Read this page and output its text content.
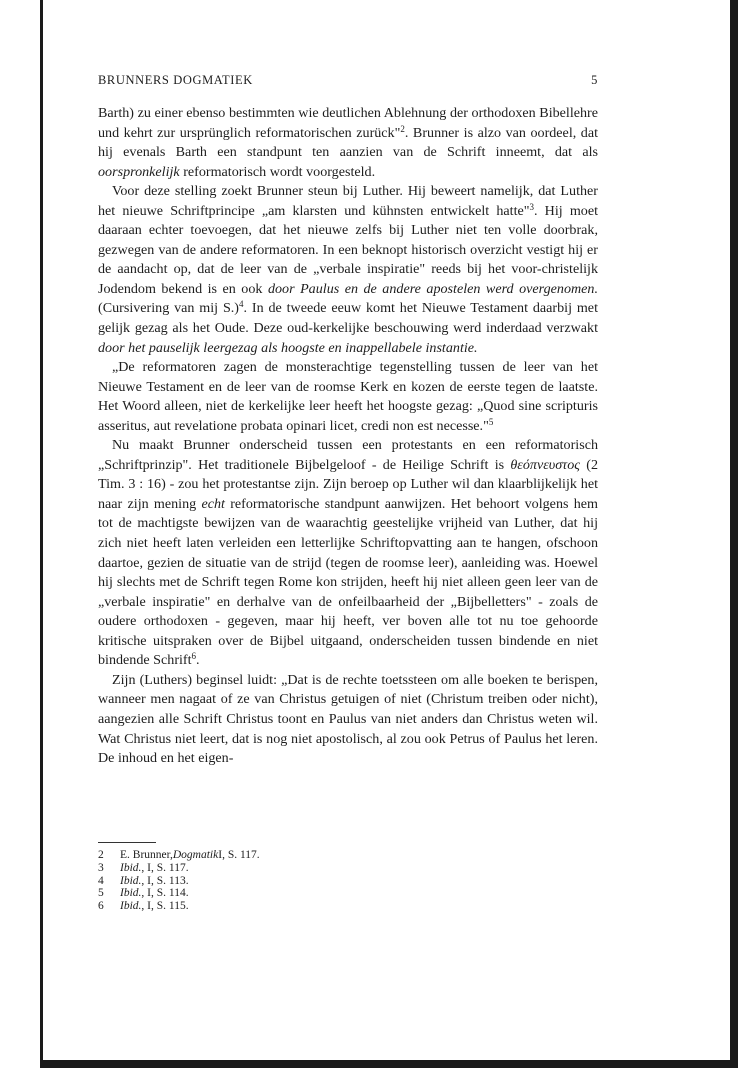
BRUNNERS DOGMATIEK	5

Barth) zu einer ebenso bestimmten wie deutlichen Ablehnung der orthodoxen Bibellehre und kehrt zur ursprünglich reformatorischen zurück"$^2$. Brunner is alzo van oordeel, dat hij evenals Barth een standpunt ten aanzien van de Schrift inneemt, dat als oorspronkelijk reformatorisch wordt voorgesteld.

Voor deze stelling zoekt Brunner steun bij Luther. Hij beweert namelijk, dat Luther het nieuwe Schriftprincipe „am klarsten und kühnsten entwickelt hatte"$^3$. Hij moet daaraan echter toevoegen, dat het nieuwe zelfs bij Luther niet ten volle doorbrak, gezwegen van de andere reformatoren. In een beknopt historisch overzicht vestigt hij er de aandacht op, dat de leer van de „verbale inspiratie" reeds bij het voor-christelijk Jodendom bekend is en ook door Paulus en de andere apostelen werd overgenomen. (Cursivering van mij S.)$^4$. In de tweede eeuw komt het Nieuwe Testament daarbij met gelijk gezag als het Oude. Deze oud-kerkelijke beschouwing werd inderdaad verzwakt door het pauselijk leergezag als hoogste en inappellabele instantie.

„De reformatoren zagen de monsterachtige tegenstelling tussen de leer van het Nieuwe Testament en de leer van de roomse Kerk en kozen de eerste tegen de laatste. Het Woord alleen, niet de kerkelijke leer heeft het hoogste gezag: „Quod sine scripturis asseritus, aut revelatione probata opinari licet, credi non est necesse."$^5$

Nu maakt Brunner onderscheid tussen een protestants en een reformatorisch „Schriftprinzip". Het traditionele Bijbelgeloof - de Heilige Schrift is θεόπνευστος (2 Tim. 3 : 16) - zou het protestantse zijn. Zijn beroep op Luther wil dan klaarblijkelijk het naar zijn mening echt reformatorische standpunt aanwijzen. Het behoort volgens hem tot de machtigste bewijzen van de waarachtig geestelijke vrijheid van Luther, dat hij zich niet heeft laten verleiden een letterlijke Schriftopvatting aan te hangen, ofschoon daartoe, gezien de situatie van de strijd (tegen de roomse leer), aanleiding was. Hoewel hij slechts met de Schrift tegen Rome kon strijden, heeft hij niet alleen geen leer van de „verbale inspiratie" en derhalve van de onfeilbaarheid der „Bijbelletters" - zoals de oudere orthodoxen - gegeven, maar hij heeft, ver boven alle tot nu toe gehoorde kritische uitspraken over de Bijbel uitgaand, onderscheiden tussen bindende en niet bindende Schrift$^6$.

Zijn (Luthers) beginsel luidt: „Dat is de rechte toetssteen om alle boeken te berispen, wanneer men nagaat of ze van Christus getuigen of niet (Christum treiben oder nicht), aangezien alle Schrift Christus toont en Paulus van niet anders dan Christus weten wil. Wat Christus niet leert, dat is nog niet apostolisch, al zou ook Petrus of Paulus het leren. De inhoud en het eigen-

2	E. Brunner, Dogmatik I, S. 117.
3	Ibid. , I, S. 117.
4	Ibid. , I, S. 113.
5	Ibid. , I, S. 114.
6	Ibid. , I, S. 115.
